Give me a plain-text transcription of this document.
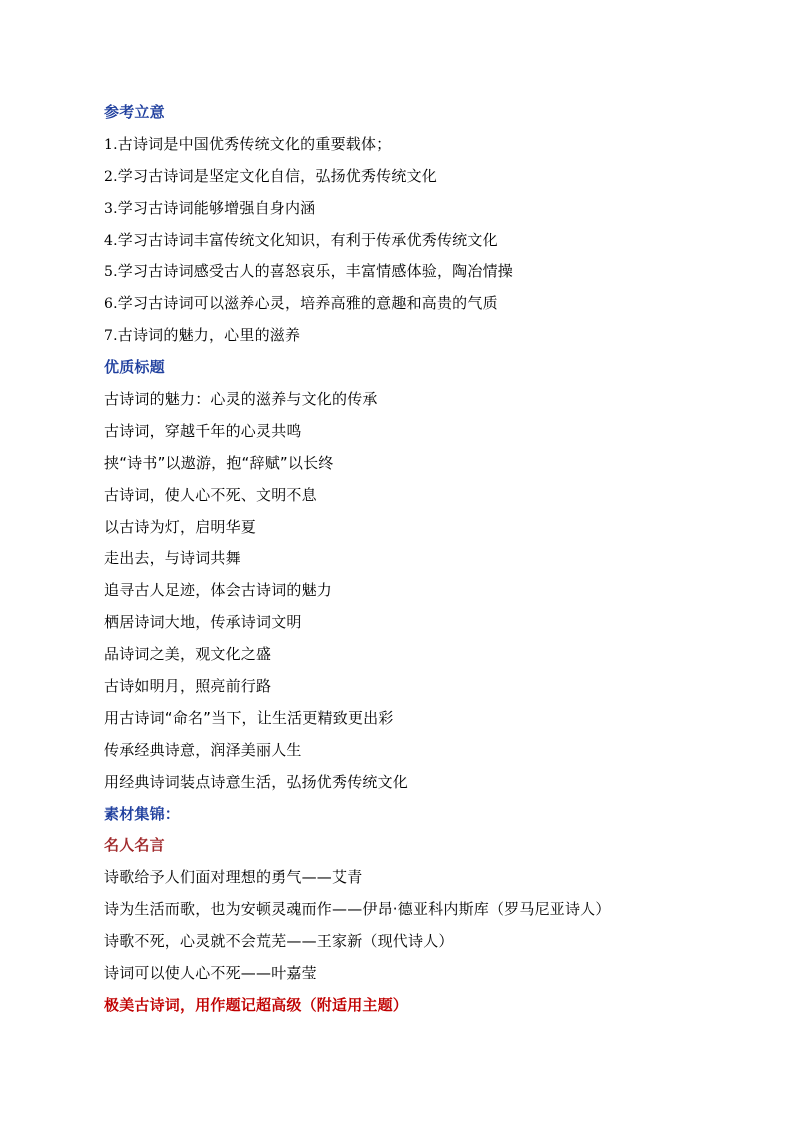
参考立意
1.古诗词是中国优秀传统文化的重要载体；
2.学习古诗词是坚定文化自信，弘扬优秀传统文化
3.学习古诗词能够增强自身内涵
4.学习古诗词丰富传统文化知识，有利于传承优秀传统文化
5.学习古诗词感受古人的喜怒哀乐，丰富情感体验，陶冶情操
6.学习古诗词可以滋养心灵，培养高雅的意趣和高贵的气质
7.古诗词的魅力，心里的滋养
优质标题
古诗词的魅力：心灵的滋养与文化的传承
古诗词，穿越千年的心灵共鸣
挟“诗书”以遨游，抱“辞赋”以长终
古诗词，使人心不死、文明不息
以古诗为灯，启明华夏
走出去，与诗词共舞
追寻古人足迹，体会古诗词的魅力
栖居诗词大地，传承诗词文明
品诗词之美，观文化之盛
古诗如明月，照亮前行路
用古诗词“命名”当下，让生活更精致更出彩
传承经典诗意，润泽美丽人生
用经典诗词装点诗意生活，弘扬优秀传统文化
素材集锦：
名人名言
诗歌给予人们面对理想的勇气——艾青
诗为生活而歌，也为安顿灵魂而作——伊昂·德亚科内斯库（罗马尼亚诗人）
诗歌不死，心灵就不会荒芜——王家新（现代诗人）
诗词可以使人心不死——叶嘉莹
极美古诗词，用作题记超高级（附适用主题）
